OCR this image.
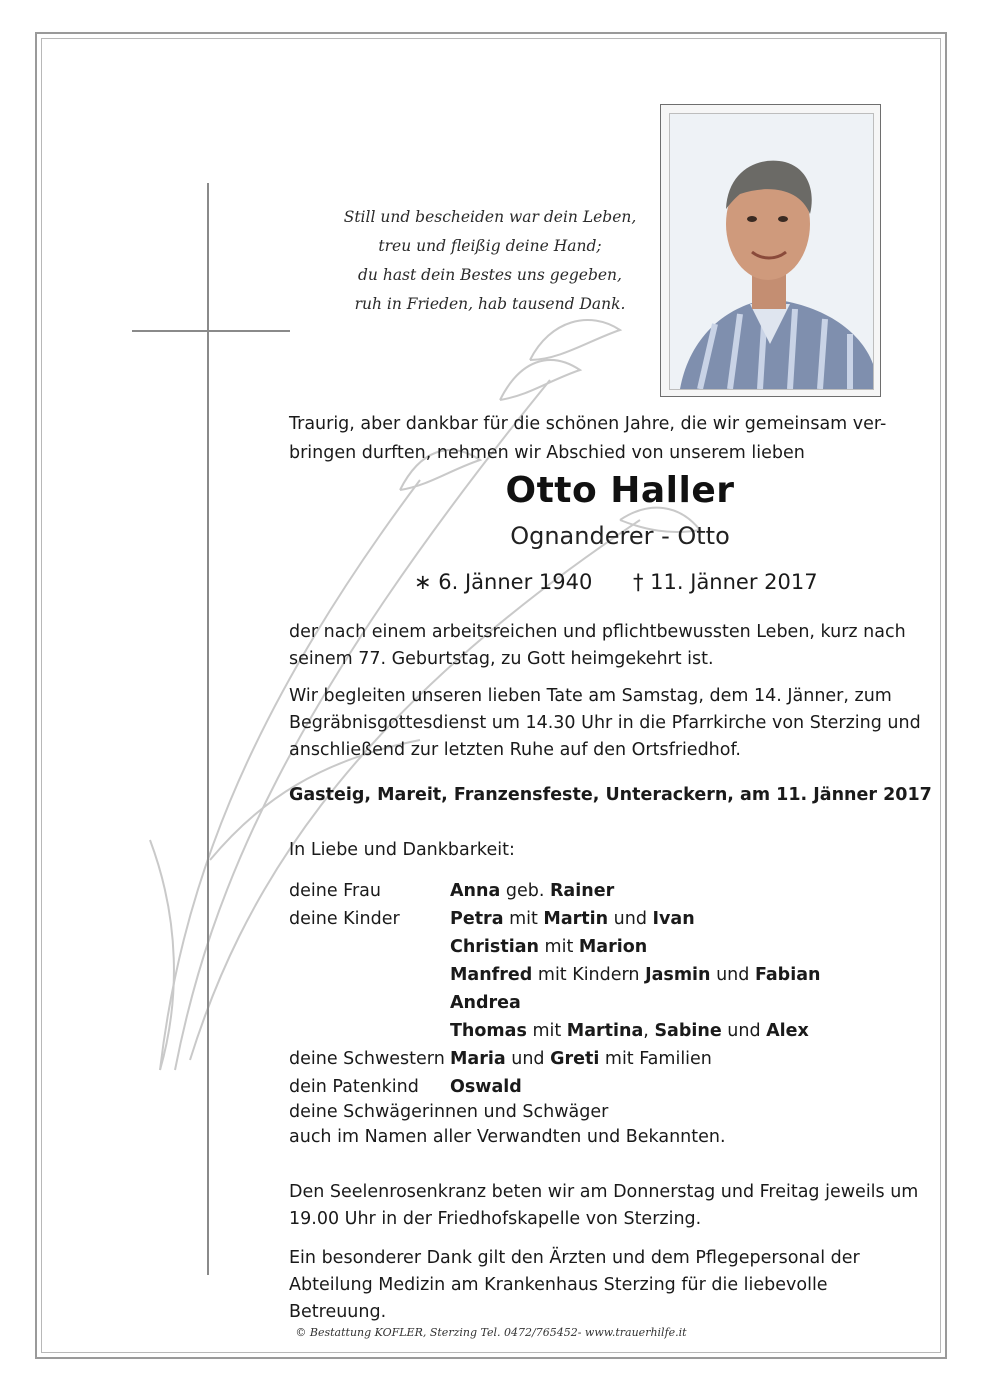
Still und bescheiden war dein Leben,
treu und fleißig deine Hand;
du hast dein Bestes uns gegeben,
ruh in Frieden, hab tausend Dank.
Traurig, aber dankbar für die schönen Jahre, die wir gemeinsam ver- bringen durften, nehmen wir Abschied von unserem lieben
Otto Haller
Ognanderer - Otto
∗ 6. Jänner 1940 † 11. Jänner 2017
der nach einem arbeitsreichen und pflichtbewussten Leben, kurz nach seinem 77. Geburtstag, zu Gott heimgekehrt ist.
Wir begleiten unseren lieben Tate am Samstag, dem 14. Jänner, zum Begräbnisgottesdienst um 14.30 Uhr in die Pfarrkirche von Sterzing und anschließend zur letzten Ruhe auf den Ortsfriedhof.
Gasteig, Mareit, Franzensfeste, Unterackern, am 11. Jänner 2017
In Liebe und Dankbarkeit:
deine Frau	Anna geb. Rainer
deine Kinder	Petra mit Martin und Ivan
Christian mit Marion
Manfred mit Kindern Jasmin und Fabian
Andrea
Thomas mit Martina, Sabine und Alex
deine Schwestern Maria und Greti mit Familien
dein Patenkind Oswald
deine Schwägerinnen und Schwäger
auch im Namen aller Verwandten und Bekannten.
Den Seelenrosenkranz beten wir am Donnerstag und Freitag jeweils um 19.00 Uhr in der Friedhofskapelle von Sterzing.
Ein besonderer Dank gilt den Ärzten und dem Pflegepersonal der Abteilung Medizin am Krankenhaus Sterzing für die liebevolle Betreuung.
© Bestattung KOFLER, Sterzing Tel. 0472/765452- www.trauerhilfe.it
